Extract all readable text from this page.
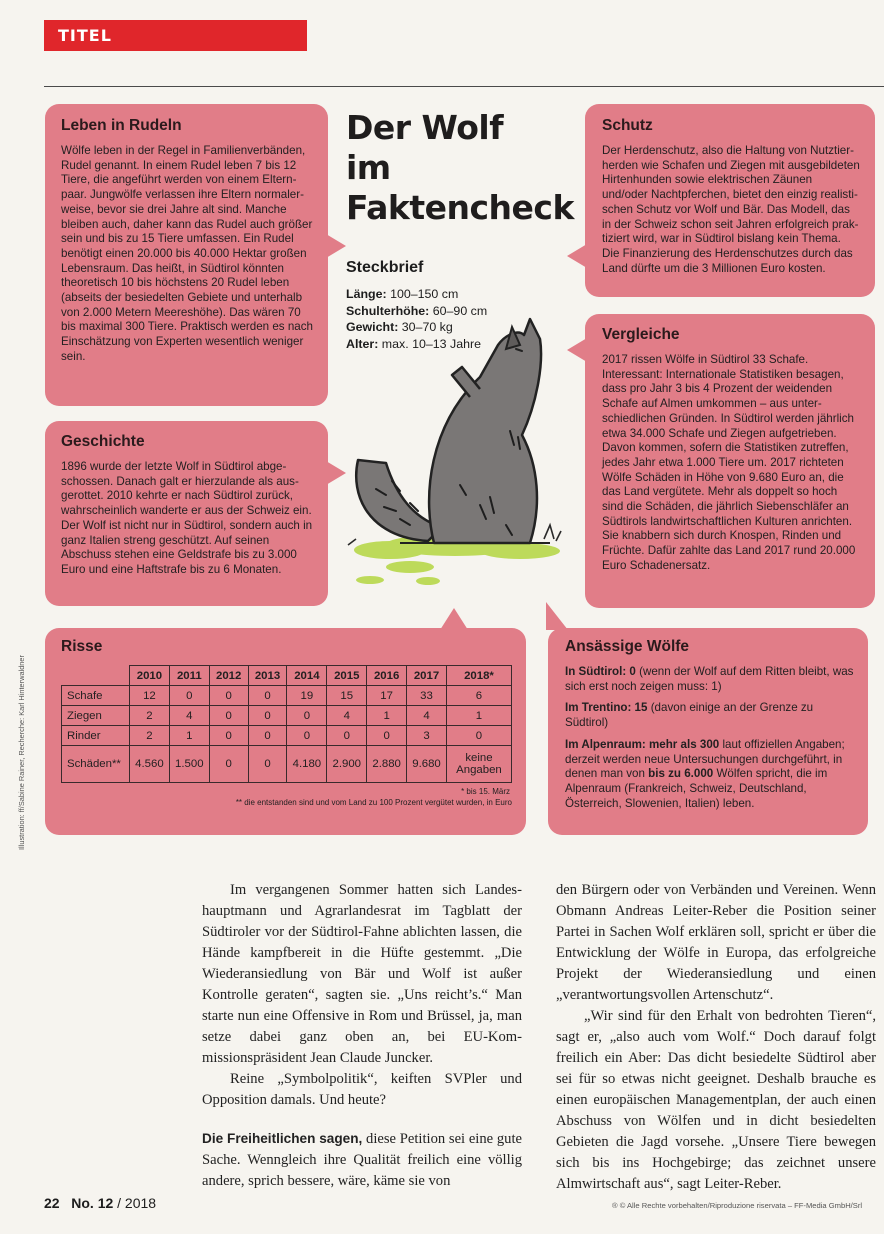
TITEL
Leben in Rudeln

Wölfe leben in der Regel in Familienverbänden, Rudel genannt. In einem Rudel leben 7 bis 12 Tiere, die angeführt werden von einem Elternpaar. Jungwölfe verlassen ihre Eltern normalerweise, bevor sie drei Jahre alt sind. Manche bleiben auch, daher kann das Rudel auch größer sein und bis zu 15 Tiere umfassen. Ein Rudel benötigt einen 20.000 bis 40.000 Hektar großen Lebensraum. Das heißt, in Südtirol könnten theoretisch 10 bis höchstens 20 Rudel leben (abseits der besiedelten Gebiete und unterhalb von 2.000 Metern Meereshöhe). Das wären 70 bis maximal 300 Tiere. Praktisch werden es nach Einschätzung von Experten wesentlich weniger sein.

Geschichte

1896 wurde der letzte Wolf in Südtirol abgeschossen. Danach galt er hierzulande als ausgerottet. 2010 kehrte er nach Südtirol zurück, wahrscheinlich wanderte er aus der Schweiz ein. Der Wolf ist nicht nur in Südtirol, sondern auch in ganz Italien streng geschützt. Auf seinen Abschuss stehen eine Geldstrafe bis zu 3.000 Euro und eine Haftstrafe bis zu 6 Monaten.

Der Wolf
im
Faktencheck
Steckbrief
Länge: 100–150 cm
Schulterhöhe: 60–90 cm
Gewicht: 30–70 kg
Alter: max. 10–13 Jahre
Schutz

Der Herdenschutz, also die Haltung von Nutztierherden wie Schafen und Ziegen mit ausgebildeten Hirtenhunden sowie elektrischen Zäunen und/oder Nachtpferchen, bietet den einzig realistischen Schutz vor Wolf und Bär. Das Modell, das in der Schweiz schon seit Jahren erfolgreich praktiziert wird, war in Südtirol bislang kein Thema. Die Finanzierung des Herdenschutzes durch das Land dürfte um die 3 Millionen Euro kosten.

Vergleiche

2017 rissen Wölfe in Südtirol 33 Schafe. Interessant: Internationale Statistiken besagen, dass pro Jahr 3 bis 4 Prozent der weidenden Schafe auf Almen umkommen – aus unterschiedlichen Gründen. In Südtirol werden jährlich etwa 34.000 Schafe und Ziegen aufgetrieben. Davon kommen, sofern die Statistiken zutreffen, jedes Jahr etwa 1.000 Tiere um. 2017 richteten Wölfe Schäden in Höhe von 9.680 Euro an, die das Land vergütete. Mehr als doppelt so hoch sind die Schäden, die jährlich Siebenschläfer an Südtirols landwirtschaftlichen Kulturen anrichten. Sie knabbern sich durch Knospen, Rinden und Früchte. Dafür zahlte das Land 2017 rund 20.000 Euro Schadenersatz.

Risse
	2010	2011	2012	2013	2014	2015	2016	2017	2018*
Schafe	12	0	0	0	19	15	17	33	6
Ziegen	2	4	0	0	0	4	1	4	1
Rinder	2	1	0	0	0	0	0	3	0
Schäden**	4.560	1.500	0	0	4.180	2.900	2.880	9.680	keine Angaben
* bis 15. März
** die entstanden sind und vom Land zu 100 Prozent vergütet wurden, in Euro
Ansässige Wölfe

In Südtirol: 0 (wenn der Wolf auf dem Ritten bleibt, was sich erst noch zeigen muss: 1)

Im Trentino: 15 (davon einige an der Grenze zu Südtirol)

Im Alpenraum: mehr als 300 laut offiziellen Angaben; derzeit werden neue Untersuchungen durchgeführt, in denen man von bis zu 6.000 Wölfen spricht, die im Alpenraum (Frankreich, Schweiz, Deutschland, Österreich, Slowenien, Italien) leben.

Illustration: ff/Sabine Rainer, Recherche: Karl Hinterwaldner

Im vergangenen Sommer hatten sich Landeshauptmann und Agrarlandesrat im Tagblatt der Südtiroler vor der Südtirol-Fahne ablichten lassen, die Hände kampfbereit in die Hüfte gestemmt. „Die Wiederansiedlung von Bär und Wolf ist außer Kontrolle geraten“, sagten sie. „Uns reicht’s.“ Man starte nun eine Offensive in Rom und Brüssel, ja, man setze dabei ganz oben an, bei EU-Kommissionspräsident Jean Claude Juncker.

Reine „Symbolpolitik“, keiften SVPler und Opposition damals. Und heute?

Die Freiheitlichen sagen, diese Petition sei eine gute Sache. Wenngleich ihre Qualität freilich eine völlig andere, sprich bessere, wäre, käme sie von

den Bürgern oder von Verbänden und Vereinen. Wenn Obmann Andreas Leiter-Reber die Position seiner Partei in Sachen Wolf erklären soll, spricht er über die Entwicklung der Wölfe in Europa, das erfolgreiche Projekt der Wiederansiedlung und einen „verantwortungsvollen Artenschutz“.

„Wir sind für den Erhalt von bedrohten Tieren“, sagt er, „also auch vom Wolf.“ Doch darauf folgt freilich ein Aber: Das dicht besiedelte Südtirol aber sei für so etwas nicht geeignet. Deshalb brauche es einen europäischen Managementplan, der auch einen Abschuss von Wölfen und in dicht besiedelten Gebieten die Jagd vorsehe. „Unsere Tiere bewegen sich bis ins Hochgebirge; das zeichnet unsere Almwirtschaft aus“, sagt Leiter-Reber.

22 No. 12 / 2018	® © Alle Rechte vorbehalten/Riproduzione riservata – FF-Media GmbH/Srl
